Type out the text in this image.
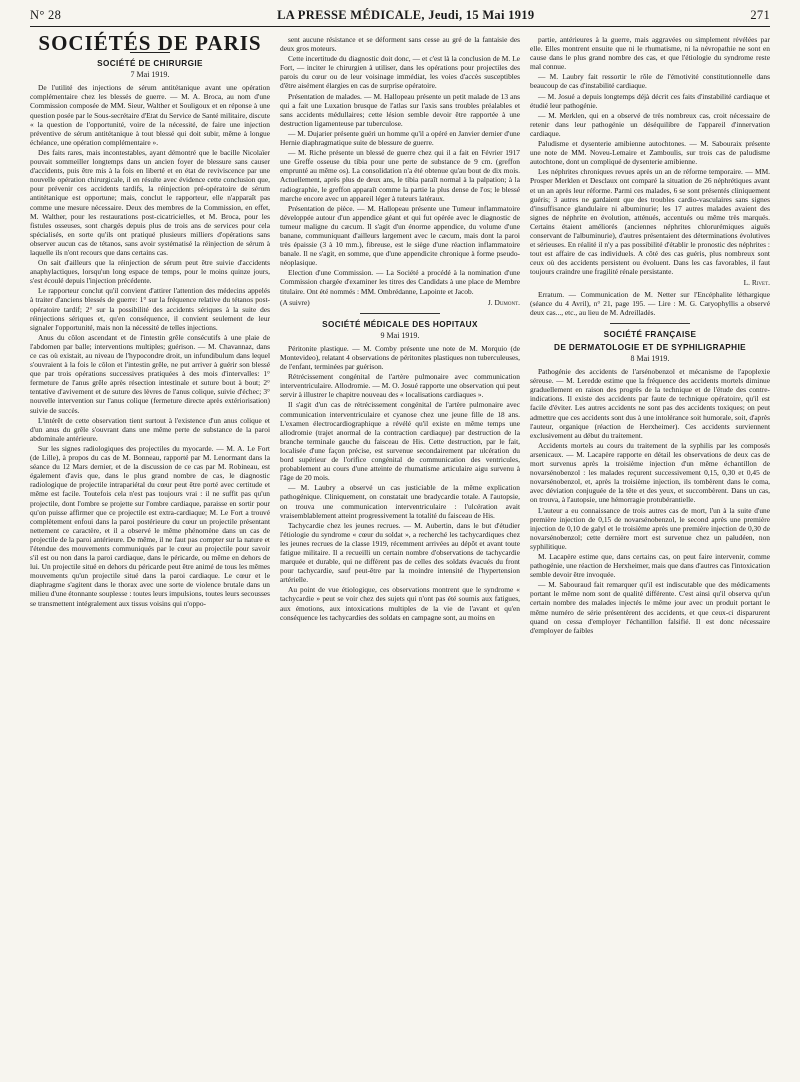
N° 28	LA PRESSE MÉDICALE, Jeudi, 15 Mai 1919	271
SOCIÉTÉS DE PARIS
SOCIÉTÉ DE CHIRURGIE
7 Mai 1919.

De l'utilité des injections de sérum antitétanique avant une opération complémentaire chez les blessés de guerre. — M. A. Broca, au nom d'une Commission composée de MM. Sieur, Walther et Souligoux et en réponse à une question posée par le Sous-secrétaire d'Etat du Service de Santé militaire, discute « la question de l'opportunité, voire de la nécessité, de faire une injection préventive de sérum antitétanique à tout blessé qui doit subir, même à longue échéance, une opération complémentaire ».

Des faits rares, mais incontestables, ayant démontré que le bacille Nicolaïer pouvait sommeiller longtemps dans un ancien foyer de blessure sans causer d'accidents, puis être mis à la fois en liberté et en état de reviviscence par une nouvelle opération chirurgicale, il en résulte avec évidence cette conclusion que, pour prévenir ces accidents tardifs, la réinjection pré-opératoire de sérum antitétanique est opportune; mais, conclut le rapporteur, elle n'apparaît pas comme une mesure nécessaire. Deux des membres de la Commission, en effet, M. Walther, pour les restaurations post-cicatricielles, et M. Broca, pour les fistules osseuses, sont chargés depuis plus de trois ans de services pour cela spécialisés, en sorte qu'ils ont pratiqué plusieurs milliers d'opérations sans observer aucun cas de tétanos, sans avoir systématisé la réinjection de sérum à laquelle ils n'ont recours que dans certains cas.

On sait d'ailleurs que la réinjection de sérum peut être suivie d'accidents anaphylactiques, lorsqu'un long espace de temps, pour le moins quinze jours, s'est écoulé depuis l'injection précédente.

Le rapporteur conclut qu'il convient d'attirer l'attention des médecins appelés à traiter d'anciens blessés de guerre: 1° sur la fréquence relative du tétanos post-opératoire tardif; 2° sur la possibilité des accidents sériques à la suite des réinjections sériques et, qu'en conséquence, il convient seulement de leur signaler l'opportunité, mais non la nécessité de telles injections.

Anus du côlon ascendant et de l'intestin grêle consécutifs à une plaie de l'abdomen par balle; interventions multiples; guérison. — M. Chavannaz, dans ce cas où existait, au niveau de l'hypocondre droit, un infundibulum dans lequel s'ouvraient à la fois le côlon et l'intestin grêle, ne put arriver à guérir son blessé que par trois opérations successives pratiquées à des mois d'intervalles: 1° fermeture de l'anus grêle après résection intestinale et suture bout à bout; 2° tentative d'avivement et de suture des lèvres de l'anus colique, suivie d'échec; 3° nouvelle intervention sur l'anus colique (fermeture directe après extériorisation) suivie de succès.

L'intérêt de cette observation tient surtout à l'existence d'un anus colique et d'un anus du grêle s'ouvrant dans une même perte de substance de la paroi abdominale antérieure.

Sur les signes radiologiques des projectiles du myocarde. — M. A. Le Fort (de Lille), à propos du cas de M. Bonneau, rapporté par M. Lenormant dans la séance du 12 Mars dernier, et de la discussion de ce cas par M. Robineau, est également d'avis que, dans le plus grand nombre de cas, le diagnostic radiologique de projectile intrapariétal du cœur peut être porté avec certitude et même est facile. Toutefois cela n'est pas toujours vrai : il ne suffit pas qu'un projectile, dont l'ombre se projette sur l'ombre cardiaque, paraisse en sortir pour qu'on puisse affirmer que ce projectile est extra-cardiaque; M. Le Fort a trouvé complètement enfoui dans la paroi postérieure du cœur un projectile présentant nettement ce caractère, et il a observé le même phénomène dans un cas de projectile de la paroi antérieure. De même, il ne faut pas compter sur la nature et l'étendue des mouvements communiqués par le cœur au projectile pour savoir s'il est ou non dans la paroi cardiaque, dans le péricarde, ou même en dehors de lui. Un projectile situé en dehors du péricarde peut être animé de tous les mêmes mouvements qu'un projectile situé dans la paroi cardiaque. Le cœur et le diaphragme s'agitent dans le thorax avec une sorte de violence brutale dans un milieu d'une étonnante souplesse : toutes leurs impulsions, toutes leurs secousses se transmettent intégralement aux tissus voisins qui n'oppo-

sent aucune résistance et se déforment sans cesse au gré de la fantaisie des deux gros moteurs.

Cette incertitude du diagnostic doit donc, — et c'est là la conclusion de M. Le Fort, — inciter le chirurgien à utiliser, dans les opérations pour projectiles des parois du cœur ou de leur voisinage immédiat, les voies d'accès susceptibles d'être aisément élargies en cas de surprise opératoire.

Présentation de malades. — M. Hallopeau présente un petit malade de 13 ans qui a fait une Luxation brusque de l'atlas sur l'axis sans troubles préalables et sans accidents médullaires; cette lésion semble devoir être rapportée à une destruction ligamenteuse par tuberculose.

— M. Dujarier présente guéri un homme qu'il a opéré en Janvier dernier d'une Hernie diaphragmatique suite de blessure de guerre.

— M. Riche présente un blessé de guerre chez qui il a fait en Février 1917 une Greffe osseuse du tibia pour une perte de substance de 9 cm. (greffon emprunté au même os). La consolidation n'a été obtenue qu'au bout de dix mois. Actuellement, après plus de deux ans, le tibia paraît normal à la palpation; à la radiographie, le greffon apparaît comme la partie la plus dense de l'os; le blessé marche encore avec un appareil léger à tuteurs latéraux.

Présentation de pièce. — M. Hallopeau présente une Tumeur inflammatoire développée autour d'un appendice géant et qui fut opérée avec le diagnostic de tumeur maligne du cæcum. Il s'agit d'un énorme appendice, du volume d'une banane, communiquant d'ailleurs largement avec le cæcum, mais dont la paroi très épaissie (3 à 10 mm.), fibreuse, est le siège d'une réaction inflammatoire banale. Il ne s'agit, en somme, que d'une appendicite chronique à forme pseudo-néoplasique.

Election d'une Commission. — La Société a procédé à la nomination d'une Commission chargée d'examiner les titres des Candidats à une place de Membre titulaire. Ont été nommés : MM. Ombrédanne, Lapointe et Jacob.

(A suivre)	J. Dumont.
SOCIÉTÉ MÉDICALE DES HOPITAUX
9 Mai 1919.

Péritonite plastique. — M. Comby présente une note de M. Morquio (de Montevideo), relatant 4 observations de péritonites plastiques non tuberculeuses, de l'enfant, terminées par guérison.

Rétrécissement congénital de l'artère pulmonaire avec communication interventriculaire. Allodromie. — M. O. Josué rapporte une observation qui peut servir à illustrer le chapitre nouveau des « localisations cardiaques ».

Il s'agit d'un cas de rétrécissement congénital de l'artère pulmonaire avec communication interventriculaire et cyanose chez une jeune fille de 18 ans. L'examen électrocardiographique a révélé qu'il existe en même temps une allodromie (trajet anormal de la contraction cardiaque) par destruction de la branche terminale gauche du faisceau de His. Cette destruction, par le fait, localisée d'une façon précise, est survenue secondairement par ulcération du bord supérieur de l'orifice congénital de communication des ventricules, probablement au cours d'une atteinte de rhumatisme articulaire aigu survenu à l'âge de 20 mois.

— M. Laubry a observé un cas justiciable de la même explication pathogénique. Cliniquement, on constatait une bradycardie totale. A l'autopsie, on trouva une communication interventriculaire : l'ulcération avait vraisemblablement atteint progressivement la totalité du faisceau de His.

Tachycardie chez les jeunes recrues. — M. Aubertin, dans le but d'étudier l'étiologie du syndrome « cœur du soldat », a recherché les tachycardiques chez les jeunes recrues de la classe 1919, récemment arrivées au dépôt et avant toute fatigue militaire. Il a recueilli un certain nombre d'observations de tachycardie marquée et durable, qui ne diffèrent pas de celles des soldats évacués du front pour tachycardie, sauf peut-être par la moindre intensité de l'hypertension artérielle.

Au point de vue étiologique, ces observations montrent que le syndrome « tachycardie » peut se voir chez des sujets qui n'ont pas été soumis aux fatigues, aux émotions, aux intoxications multiples de la vie de l'avant et qu'en conséquence les tachycardies des soldats en campagne sont, au moins en

partie, antérieures à la guerre, mais aggravées ou simplement révélées par elle. Elles montrent ensuite que ni le rhumatisme, ni la névropathie ne sont en cause dans le plus grand nombre des cas, et que l'étiologie du syndrome reste mal connue.

— M. Laubry fait ressortir le rôle de l'émotivité constitutionnelle dans beaucoup de cas d'instabilité cardiaque.

— M. Josué a depuis longtemps déjà décrit ces faits d'instabilité cardiaque et étudié leur pathogénie.

— M. Merklen, qui en a observé de très nombreux cas, croit nécessaire de retenir dans leur pathogénie un déséquilibre de l'appareil d'innervation cardiaque.

Paludisme et dysenterie amibienne autochtones. — M. Sabouraix présente une note de MM. Noveu-Lemaire et Zamboulis, sur trois cas de paludisme autochtone, dont un compliqué de dysenterie amibienne.

Les néphrites chroniques revues après un an de réforme temporaire. — MM. Prosper Merklen et Desclaux ont comparé la situation de 26 néphrétiques avant et un an après leur réforme. Parmi ces malades, 6 se sont présentés cliniquement guéris; 3 autres ne gardaient que des troubles cardio-vasculaires sans signes d'insuffisance glandulaire ni albuminurie; les 17 autres malades avaient des signes de néphrite en évolution, atténués, accentués ou même très marqués. Certains étaient améliorés (anciennes néphrites chlorurémiques aiguës conservant de l'albuminurie), d'autres présentaient des déterminations évolutives et sérieuses. En réalité il n'y a pas possibilité d'établir le pronostic des néphrites : tout est affaire de cas individuels. A côté des cas guéris, plus nombreux sont ceux où des accidents persistent ou évoluent. Dans les cas favorables, il faut toujours craindre une fragilité rénale persistante.

L. Rivet.

Erratum. — Communication de M. Netter sur l'Encéphalite léthargique (séance du 4 Avril), n° 21, page 195. — Lire : M. G. Caryophyllis a observé deux cas..., etc., au lieu de M. Adreilladès.

SOCIÉTÉ FRANÇAISE
DE DERMATOLOGIE ET DE SYPHILIGRAPHIE
8 Mai 1919.

Pathogénie des accidents de l'arsénobenzol et mécanisme de l'apoplexie séreuse. — M. Leredde estime que la fréquence des accidents mortels diminue graduellement en raison des progrès de la technique et de l'étude des contre-indications. Il existe des accidents par faute de technique opératoire, qu'il est facile d'éviter. Les autres accidents ne sont pas des accidents toxiques; on peut admettre que ces accidents sont dus à une intolérance soit humorale, soit, d'après l'auteur, organique (réaction de Herxheimer). Ces accidents surviennent exclusivement au début du traitement.

Accidents mortels au cours du traitement de la syphilis par les composés arsenicaux. — M. Lacapère rapporte en détail les observations de deux cas de mort survenus après la troisième injection d'un même échantillon de novarsénobenzol : les malades reçurent successivement 0,15, 0,30 et 0,45 de novarsénobenzol, et, après la troisième injection, ils tombèrent dans le coma, avec déviation conjuguée de la tête et des yeux, et succombèrent. Dans un cas, on trouva, à l'autopsie, une hémorragie protubérantielle.

L'auteur a eu connaissance de trois autres cas de mort, l'un à la suite d'une première injection de 0,15 de novarsénobenzol, le second après une première injection de 0,10 de galyl et le troisième après une première injection de 0,30 de novarsénobenzol; cette dernière mort est survenue chez un paludéen, non syphilitique.

M. Lacapère estime que, dans certains cas, on peut faire intervenir, comme pathogénie, une réaction de Herxheimer, mais que dans d'autres cas l'intoxication semble devoir être invoquée.

— M. Sabouraud fait remarquer qu'il est indiscutable que des médicaments portant le même nom sont de qualité différente. C'est ainsi qu'il observa qu'un certain nombre des malades injectés le même jour avec un produit portant le même numéro de série présentèrent des accidents, et que ceux-ci disparurent quand on cessa d'employer l'échantillon falsifié. Il est donc nécessaire d'employer de faibles
